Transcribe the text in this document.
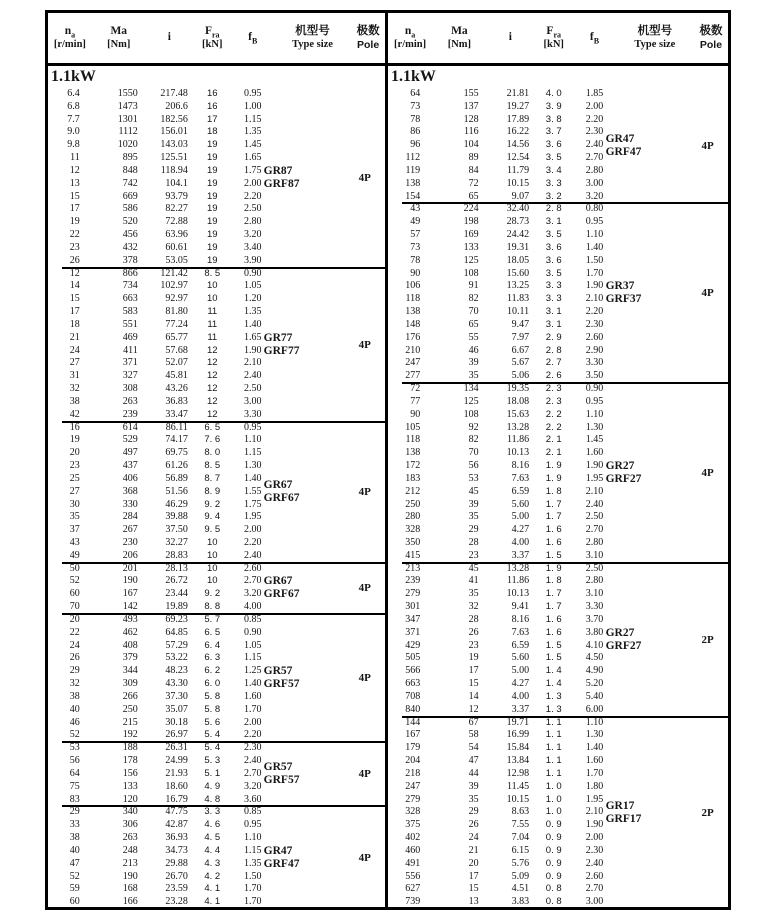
$n_a$
[r/min]
Ma
[Nm]
i
$F_{ra}$
[kN]
$f_B$
机型号
Type size
极数
Pole
$n_a$
[r/min]
Ma
[Nm]
i
$F_{ra}$
[kN]
$f_B$
机型号
Type size
极数
Pole
1.1kW
6.4	1550	217.48	16	0.95
6.8	1473	206.6	16	1.00
7.7	1301	182.56	17	1.15
9.0	1112	156.01	18	1.35
9.8	1020	143.03	19	1.45
11	895	125.51	19	1.65
12	848	118.94	19	1.75
13	742	104.1	19	2.00
15	669	93.79	19	2.20
17	586	82.27	19	2.50
19	520	72.88	19	2.80
22	456	63.96	19	3.20
23	432	60.61	19	3.40
26	378	53.05	19	3.90
GR87
GRF87	4P
12	866	121.42	8. 5	0.90
14	734	102.97	10	1.05
15	663	92.97	10	1.20
17	583	81.80	11	1.35
18	551	77.24	11	1.40
21	469	65.77	11	1.65
24	411	57.68	12	1.90
27	371	52.07	12	2.10
31	327	45.81	12	2.40
32	308	43.26	12	2.50
38	263	36.83	12	3.00
42	239	33.47	12	3.30
GR77
GRF77	4P
16	614	86.11	6. 5	0.95
19	529	74.17	7. 6	1.10
20	497	69.75	8. 0	1.15
23	437	61.26	8. 5	1.30
25	406	56.89	8. 7	1.40
27	368	51.56	8. 9	1.55
30	330	46.29	9. 2	1.75
35	284	39.88	9. 4	1.95
37	267	37.50	9. 5	2.00
43	230	32.27	10	2.20
49	206	28.83	10	2.40
GR67
GRF67	4P
50	201	28.13	10	2.60
52	190	26.72	10	2.70
60	167	23.44	9. 2	3.20
70	142	19.89	8. 8	4.00
GR67
GRF67	4P
20	493	69.23	5. 7	0.85
22	462	64.85	6. 5	0.90
24	408	57.29	6. 4	1.05
26	379	53.22	6. 3	1.15
29	344	48.23	6. 2	1.25
32	309	43.30	6. 0	1.40
38	266	37.30	5. 8	1.60
40	250	35.07	5. 8	1.70
46	215	30.18	5. 6	2.00
52	192	26.97	5. 4	2.20
GR57
GRF57	4P
53	188	26.31	5. 4	2.30
56	178	24.99	5. 3	2.40
64	156	21.93	5. 1	2.70
75	133	18.60	4. 9	3.20
83	120	16.79	4. 8	3.60
GR57
GRF57	4P
29	340	47.75	3. 3	0.85
33	306	42.87	4. 6	0.95
38	263	36.93	4. 5	1.10
40	248	34.73	4. 4	1.15
47	213	29.88	4. 3	1.35
52	190	26.70	4. 2	1.50
59	168	23.59	4. 1	1.70
60	166	23.28	4. 1	1.70
GR47
GRF47	4P
1.1kW
64	155	21.81	4. 0	1.85
73	137	19.27	3. 9	2.00
78	128	17.89	3. 8	2.20
86	116	16.22	3. 7	2.30
96	104	14.56	3. 6	2.40
112	89	12.54	3. 5	2.70
119	84	11.79	3. 4	2.80
138	72	10.15	3. 3	3.00
154	65	9.07	3. 2	3.20
GR47
GRF47	4P
43	224	32.40	2. 8	0.80
49	198	28.73	3. 1	0.95
57	169	24.42	3. 5	1.10
73	133	19.31	3. 6	1.40
78	125	18.05	3. 6	1.50
90	108	15.60	3. 5	1.70
106	91	13.25	3. 3	1.90
118	82	11.83	3. 3	2.10
138	70	10.11	3. 1	2.20
148	65	9.47	3. 1	2.30
176	55	7.97	2. 9	2.60
210	46	6.67	2. 8	2.90
247	39	5.67	2. 7	3.30
277	35	5.06	2. 6	3.50
GR37
GRF37	4P
72	134	19.35	2. 3	0.90
77	125	18.08	2. 3	0.95
90	108	15.63	2. 2	1.10
105	92	13.28	2. 2	1.30
118	82	11.86	2. 1	1.45
138	70	10.13	2. 1	1.60
172	56	8.16	1. 9	1.90
183	53	7.63	1. 9	1.95
212	45	6.59	1. 8	2.10
250	39	5.60	1. 7	2.40
280	35	5.00	1. 7	2.50
328	29	4.27	1. 6	2.70
350	28	4.00	1. 6	2.80
415	23	3.37	1. 5	3.10
GR27
GRF27	4P
213	45	13.28	1. 9	2.50
239	41	11.86	1. 8	2.80
279	35	10.13	1. 7	3.10
301	32	9.41	1. 7	3.30
347	28	8.16	1. 6	3.70
371	26	7.63	1. 6	3.80
429	23	6.59	1. 5	4.10
505	19	5.60	1. 5	4.50
566	17	5.00	1. 4	4.90
663	15	4.27	1. 4	5.20
708	14	4.00	1. 3	5.40
840	12	3.37	1. 3	6.00
GR27
GRF27	2P
144	67	19.71	1. 1	1.10
167	58	16.99	1. 1	1.30
179	54	15.84	1. 1	1.40
204	47	13.84	1. 1	1.60
218	44	12.98	1. 1	1.70
247	39	11.45	1. 0	1.80
279	35	10.15	1. 0	1.95
328	29	8.63	1. 0	2.10
375	26	7.55	0. 9	1.90
402	24	7.04	0. 9	2.00
460	21	6.15	0. 9	2.30
491	20	5.76	0. 9	2.40
556	17	5.09	0. 9	2.60
627	15	4.51	0. 8	2.70
739	13	3.83	0. 8	3.00
GR17
GRF17	2P
